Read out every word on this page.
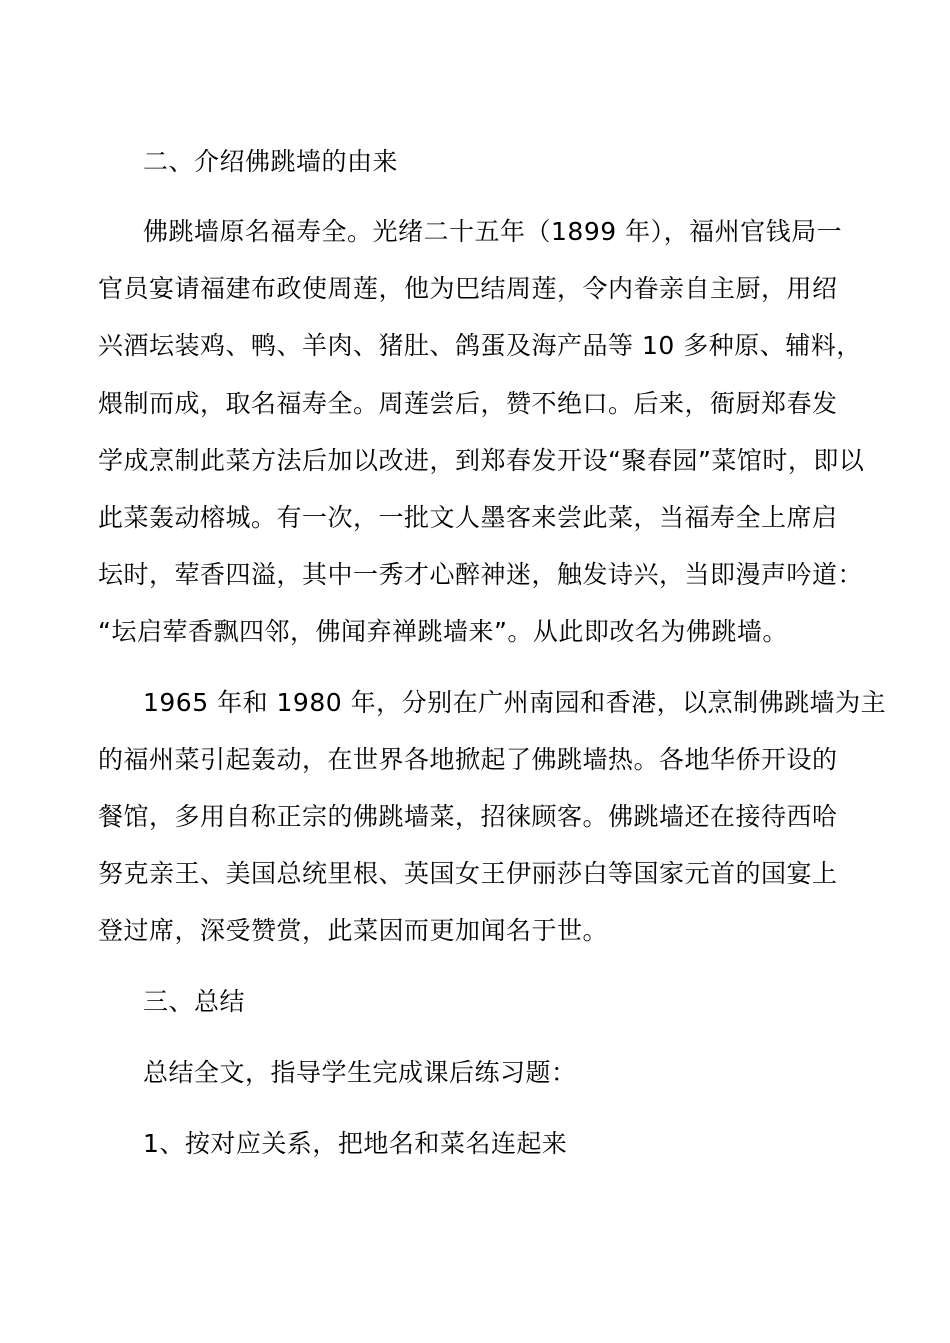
二、介绍佛跳墙的由来
佛跳墙原名福寿全。光绪二十五年（1899 年），福州官钱局一
官员宴请福建布政使周莲，他为巴结周莲，令内眷亲自主厨，用绍
兴酒坛装鸡、鸭、羊肉、猪肚、鸽蛋及海产品等 10 多种原、辅料，
煨制而成，取名福寿全。周莲尝后，赞不绝口。后来，衙厨郑春发
学成烹制此菜方法后加以改进，到郑春发开设“聚春园”菜馆时，即以
此菜轰动榕城。有一次，一批文人墨客来尝此菜，当福寿全上席启
坛时，荤香四溢，其中一秀才心醉神迷，触发诗兴，当即漫声吟道：
“坛启荤香飘四邻，佛闻弃禅跳墙来”。从此即改名为佛跳墙。
1965 年和 1980 年，分别在广州南园和香港，以烹制佛跳墙为主
的福州菜引起轰动，在世界各地掀起了佛跳墙热。各地华侨开设的
餐馆，多用自称正宗的佛跳墙菜，招徕顾客。佛跳墙还在接待西哈
努克亲王、美国总统里根、英国女王伊丽莎白等国家元首的国宴上
登过席，深受赞赏，此菜因而更加闻名于世。
三、总结
总结全文，指导学生完成课后练习题：
1、按对应关系，把地名和菜名连起来
